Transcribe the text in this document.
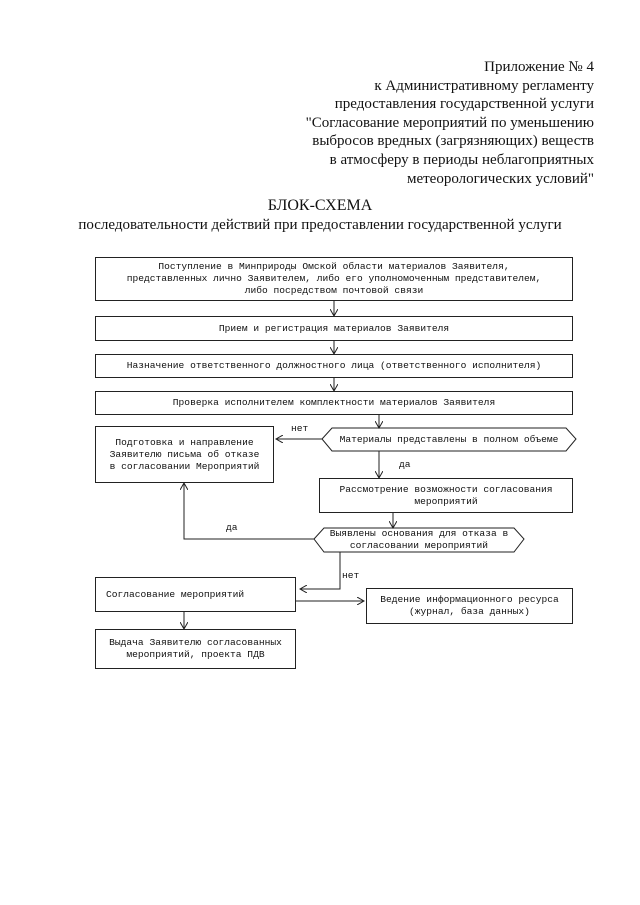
Приложение № 4
к Административному регламенту
предоставления государственной услуги
"Согласование мероприятий по уменьшению
выбросов вредных (загрязняющих) веществ
в атмосферу в периоды неблагоприятных
метеорологических условий"
БЛОК-СХЕМА
последовательности действий при предоставлении государственной услуги
Поступление в Минприроды Омской области материалов Заявителя,
представленных лично Заявителем, либо его уполномоченным представителем,
либо посредством почтовой связи
Прием и регистрация материалов Заявителя
Назначение ответственного должностного лица (ответственного исполнителя)
Проверка исполнителем комплектности материалов Заявителя
Материалы представлены в полном объеме
Подготовка и направление
Заявителю письма об отказе
в согласовании Мероприятий
Рассмотрение возможности согласования
мероприятий
Выявлены основания для отказа в
согласовании мероприятий
Согласование мероприятий	Ведение информационного ресурса
(журнал, база данных)
Выдача Заявителю согласованных
мероприятий, проекта ПДВ
нет
да
да
нет
